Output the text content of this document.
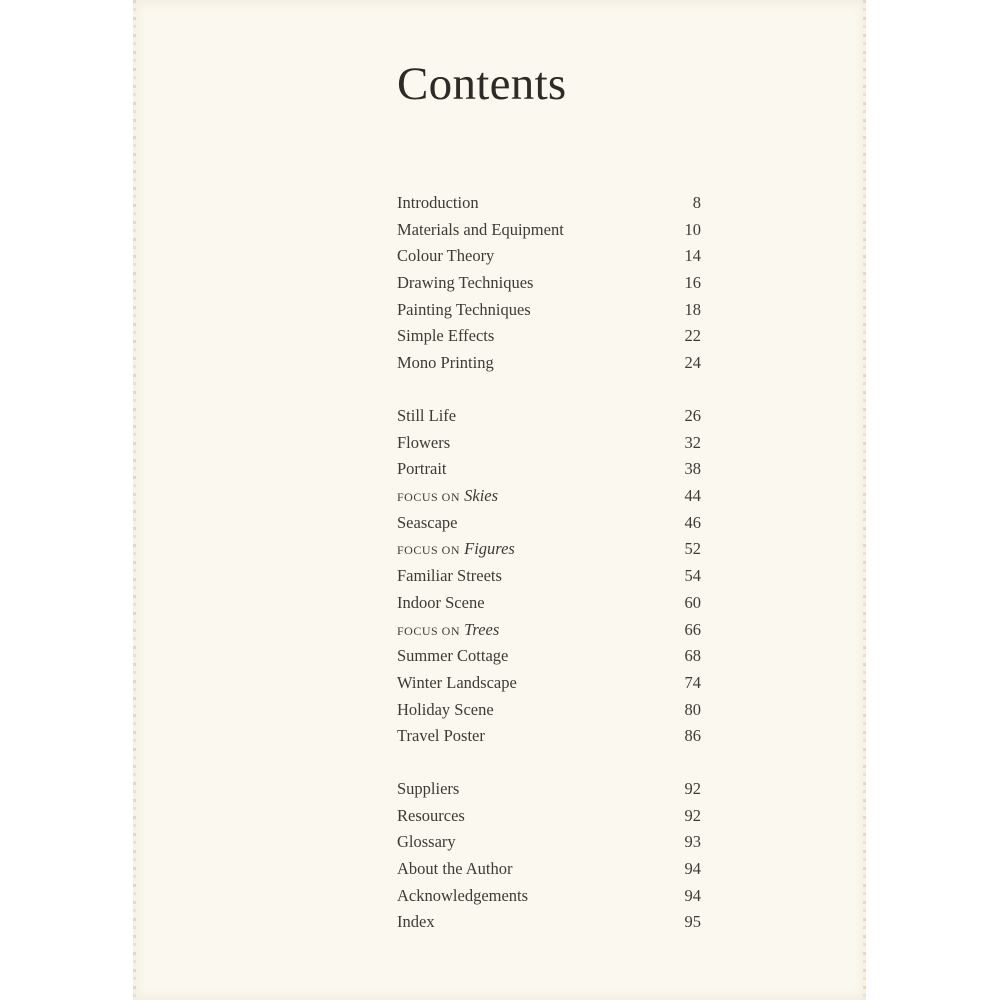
Contents
Introduction	8
Materials and Equipment	10
Colour Theory	14
Drawing Techniques	16
Painting Techniques	18
Simple Effects	22
Mono Printing	24
Still Life	26
Flowers	32
Portrait	38
FOCUS ON Skies	44
Seascape	46
FOCUS ON Figures	52
Familiar Streets	54
Indoor Scene	60
FOCUS ON Trees	66
Summer Cottage	68
Winter Landscape	74
Holiday Scene	80
Travel Poster	86
Suppliers	92
Resources	92
Glossary	93
About the Author	94
Acknowledgements	94
Index	95
